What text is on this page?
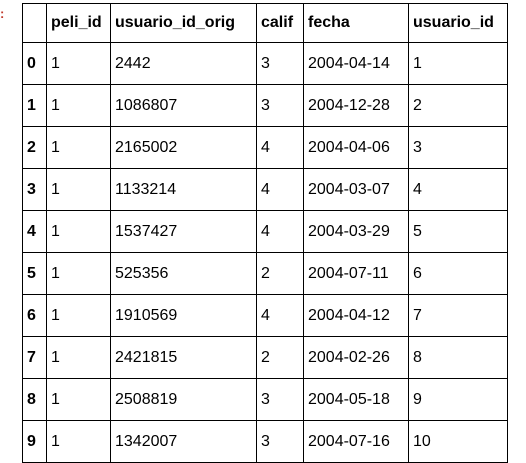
:
	peli_id	usuario_id_orig	calif	fecha	usuario_id
0	1	2442	3	2004-04-14	1
1	1	1086807	3	2004-12-28	2
2	1	2165002	4	2004-04-06	3
3	1	1133214	4	2004-03-07	4
4	1	1537427	4	2004-03-29	5
5	1	525356	2	2004-07-11	6
6	1	1910569	4	2004-04-12	7
7	1	2421815	2	2004-02-26	8
8	1	2508819	3	2004-05-18	9
9	1	1342007	3	2004-07-16	10
